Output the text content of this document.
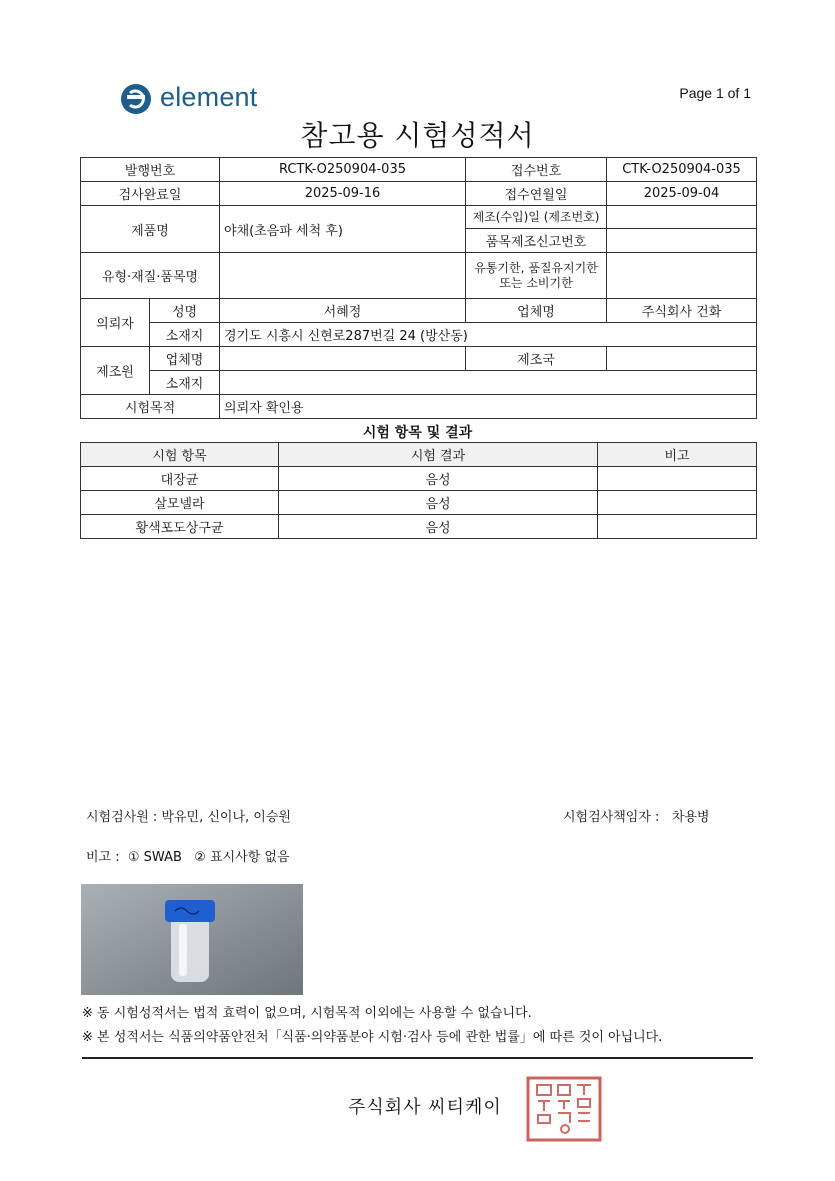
element	Page 1 of 1
참고용 시험성적서
발행번호		RCTK-O250904-035	접수번호	CTK-O250904-035
검사완료일		2025-09-16	접수연월일	2025-09-04
제품명		야채(초음파 세척 후)	제조(수입)일 (제조번호)	
			품목제조신고번호	
유형·재질·품목명			유통기한, 품질유지기한
또는 소비기한	

의뢰자	성명	서혜정	업체명	주식회사 건화
	소재지	경기도 시흥시 신현로287번길 24 (방산동)		
제조원	업체명		제조국	
	소재지			
시험목적		의뢰자 확인용		
시험 항목 및 결과
시험 항목	시험 결과	비고
대장균	음성	
살모넬라	음성	
황색포도상구균	음성	
시험검사원 : 박유민, 신이나, 이승원	시험검사책임자 :   차용병
비고 :  ① SWAB   ② 표시사항 없음
※ 동 시험성적서는 법적 효력이 없으며, 시험목적 이외에는 사용할 수 없습니다.
※ 본 성적서는 식품의약품안전처「식품·의약품분야 시험·검사 등에 관한 법률」에 따른 것이 아닙니다.
주식회사 씨티케이
